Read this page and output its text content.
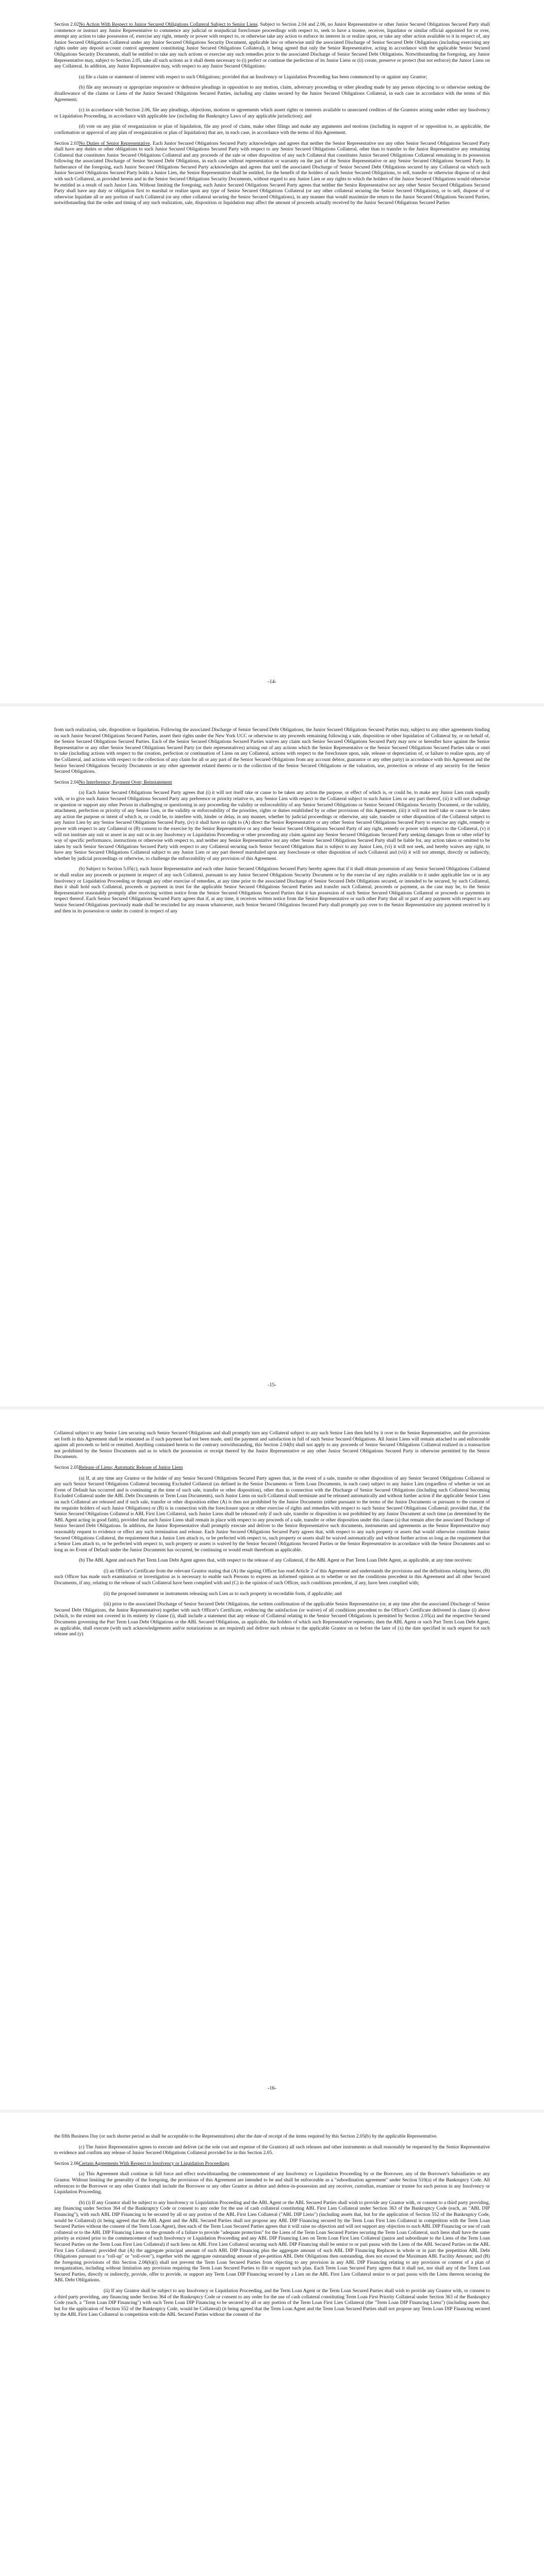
Section 2.02No Action With Respect to Junior Secured Obligations Collateral Subject to Senior Liens. Subject to Section 2.04 and 2.06, no Junior Representative or other Junior Secured Obligations Secured Party shall commence or instruct any Junior Representative to commence any judicial or nonjudicial foreclosure proceedings with respect to, seek to have a trustee, receiver, liquidator or similar official appointed for or over, attempt any action to take possession of, exercise any right, remedy or power with respect to, or otherwise take any action to enforce its interest in or realize upon, or take any other action available to it in respect of, any Junior Secured Obligations Collateral under any Junior Secured Obligations Security Document, applicable law or otherwise until the associated Discharge of Senior Secured Debt Obligations (including exercising any rights under any deposit account control agreement constituting Junior Secured Obligations Collateral), it being agreed that only the Senior Representative, acting in accordance with the applicable Senior Secured Obligations Security Documents, shall be entitled to take any such actions or exercise any such remedies prior to the associated Discharge of Senior Secured Debt Obligations. Notwithstanding the foregoing, any Junior Representative may, subject to Section 2.05, take all such actions as it shall deem necessary to (i) perfect or continue the perfection of its Junior Liens or (ii) create, preserve or protect (but not enforce) the Junior Liens on any Collateral. In addition, any Junior Representative may, with respect to any Junior Secured Obligations:

(a) file a claim or statement of interest with respect to such Obligations; provided that an Insolvency or Liquidation Proceeding has been commenced by or against any Grantor;

(b) file any necessary or appropriate responsive or defensive pleadings in opposition to any motion, claim, adversary proceeding or other pleading made by any person objecting to or otherwise seeking the disallowance of the claims or Liens of the Junior Secured Obligations Secured Parties, including any claims secured by the Junior Secured Obligations Collateral, in each case in accordance with the terms of this Agreement;

(c) in accordance with Section 2.06, file any pleadings, objections, motions or agreements which assert rights or interests available to unsecured creditors of the Grantors arising under either any Insolvency or Liquidation Proceeding, in accordance with applicable law (including the Bankruptcy Laws of any applicable jurisdiction); and

(d) vote on any plan of reorganization or plan of liquidation, file any proof of claim, make other filings and make any arguments and motions (including in support of or opposition to, as applicable, the confirmation or approval of any plan of reorganization or plan of liquidation) that are, in each case, in accordance with the terms of this Agreement.

Section 2.03No Duties of Senior Representative. Each Junior Secured Obligations Secured Party acknowledges and agrees that neither the Senior Representative nor any other Senior Secured Obligations Secured Party shall have any duties or other obligations to such Junior Secured Obligations Secured Party with respect to any Senior Secured Obligations Collateral, other than to transfer to the Junior Representative any remaining Collateral that constitutes Junior Secured Obligations Collateral and any proceeds of the sale or other disposition of any such Collateral that constitutes Junior Secured Obligations Collateral remaining in its possession following the associated Discharge of Senior Secured Debt Obligations, in each case without representation or warranty on the part of the Senior Representative or any Senior Secured Obligations Secured Party. In furtherance of the foregoing, each Junior Secured Obligations Secured Party acknowledges and agrees that until the associated Discharge of Senior Secured Debt Obligations secured by any Collateral on which such Junior Secured Obligations Secured Party holds a Junior Lien, the Senior Representative shall be entitled, for the benefit of the holders of such Senior Secured Obligations, to sell, transfer or otherwise dispose of or deal with such Collateral, as provided herein and in the Senior Secured Obligations Security Documents, without regard to any Junior Lien or any rights to which the holders of the Junior Secured Obligations would otherwise be entitled as a result of such Junior Lien. Without limiting the foregoing, each Junior Secured Obligations Secured Party agrees that neither the Senior Representative nor any other Senior Secured Obligations Secured Party shall have any duty or obligation first to marshal or realize upon any type of Senior Secured Obligations Collateral (or any other collateral securing the Senior Secured Obligations), or to sell, dispose of or otherwise liquidate all or any portion of such Collateral (or any other collateral securing the Senior Secured Obligations), in any manner that would maximize the return to the Junior Secured Obligations Secured Parties, notwithstanding that the order and timing of any such realization, sale, disposition or liquidation may affect the amount of proceeds actually received by the Junior Secured Obligations Secured Parties

-14-

from such realization, sale, disposition or liquidation. Following the associated Discharge of Senior Secured Debt Obligations, the Junior Secured Obligations Secured Parties may, subject to any other agreements binding on such Junior Secured Obligations Secured Parties, assert their rights under the New York UCC or otherwise to any proceeds remaining following a sale, disposition or other liquidation of Collateral by, or on behalf of, the Senior Secured Obligations Secured Parties. Each of the Senior Secured Obligations Secured Parties waives any claim such Senior Secured Obligations Secured Party may now or hereafter have against the Senior Representative or any other Senior Secured Obligations Secured Party (or their representatives) arising out of any actions which the Senior Representative or the Senior Secured Obligations Secured Parties take or omit to take (including actions with respect to the creation, perfection or continuation of Liens on any Collateral, actions with respect to the foreclosure upon, sale, release or depreciation of, or failure to realize upon, any of the Collateral, and actions with respect to the collection of any claim for all or any part of the Senior Secured Obligations from any account debtor, guarantor or any other party) in accordance with this Agreement and the Senior Secured Obligations Security Documents or any other agreement related thereto or to the collection of the Senior Secured Obligations or the valuation, use, protection or release of any security for the Senior Secured Obligations.

Section 2.04No Interference; Payment Over; Reinstatement

(a) Each Junior Secured Obligations Secured Party agrees that (i) it will not itself take or cause to be taken any action the purpose, or effect of which is, or could be, to make any Junior Lien rank equally with, or to give such Junior Secured Obligations Secured Party any preference or priority relative to, any Senior Lien with respect to the Collateral subject to such Junior Lien or any part thereof, (ii) it will not challenge or question or support any other Person in challenging or questioning in any proceeding the validity or enforceability of any Senior Secured Obligations or Senior Secured Obligations Security Document, or the validity, attachment, perfection or priority of any Senior Lien, or the validity or enforceability of the priorities, rights or duties established by or other provisions of this Agreement, (iii) it will not itself take or cause to be taken any action the purpose or intent of which is, or could be, to interfere with, hinder or delay, in any manner, whether by judicial proceedings or otherwise, any sale, transfer or other disposition of the Collateral subject to any Junior Lien by any Senior Secured Obligations Secured Party, (iv) it shall have no right to (A) direct the Senior Representative or any other Senior Secured Obligations Secured Party to exercise any right, remedy or power with respect to any Collateral or (B) consent to the exercise by the Senior Representative or any other Senior Secured Obligations Secured Party of any right, remedy or power with respect to the Collateral, (v) it will not institute any suit or assert in any suit or in any Insolvency or Liquidation Proceeding or other proceeding any claim against any Senior Secured Obligations Secured Party seeking damages from or other relief by way of specific performance, instructions or otherwise with respect to, and neither any Senior Representative nor any other Senior Secured Obligations Secured Party shall be liable for, any action taken or omitted to be taken by such Senior Secured Obligations Secured Party with respect to any Collateral securing such Senior Secured Obligations that is subject to any Junior Lien, (vi) it will not seek, and hereby waives any right, to have any Senior Secured Obligations Collateral subject to any Junior Lien or any part thereof marshaled upon any foreclosure or other disposition of such Collateral and (vii) it will not attempt, directly or indirectly, whether by judicial proceedings or otherwise, to challenge the enforceability of any provision of this Agreement.

(b) Subject to Section 5.05(c), each Junior Representative and each other Junior Secured Obligations Secured Party hereby agrees that if it shall obtain possession of any Senior Secured Obligations Collateral or shall realize any proceeds or payment in respect of any such Collateral, pursuant to any Junior Secured Obligations Security Document or by the exercise of any rights available to it under applicable law or in any Insolvency or Liquidation Proceeding or through any other exercise of remedies, at any time prior to the associated Discharge of Senior Secured Debt Obligations secured, or intended to be secured, by such Collateral, then it shall hold such Collateral, proceeds or payment in trust for the applicable Senior Secured Obligations Secured Parties and transfer such Collateral, proceeds or payment, as the case may be, to the Senior Representative reasonably promptly after receiving written notice from the Senior Secured Obligations Secured Parties that it has possession of such Senior Secured Obligations Collateral or proceeds or payments in respect thereof. Each Senior Secured Obligations Secured Party agrees that if, at any time, it receives written notice from the Senior Representative or such other Party that all or part of any payment with respect to any Senior Secured Obligations previously made shall be rescinded for any reason whatsoever, such Senior Secured Obligations Secured Party shall promptly pay over to the Senior Representative any payment received by it and then in its possession or under its control in respect of any

-15-

Collateral subject to any Senior Lien securing such Senior Secured Obligations and shall promptly turn any Collateral subject to any such Senior Lien then held by it over to the Senior Representative, and the provisions set forth in this Agreement shall be reinstated as if such payment had not been made, until the payment and satisfaction in full of such Senior Secured Obligations. All Junior Liens will remain attached to and enforceable against all proceeds so held or remitted. Anything contained herein to the contrary notwithstanding, this Section 2.04(b) shall not apply to any proceeds of Senior Secured Obligations Collateral realized in a transaction not prohibited by the Senior Documents and as to which the possession or receipt thereof by the Junior Representative or any other Junior Secured Obligations Secured Party is otherwise permitted by the Senior Documents.

Section 2.05Release of Liens; Automatic Release of Junior Liens

(a) If, at any time any Grantor or the holder of any Senior Secured Obligations Secured Party agrees that, in the event of a sale, transfer or other disposition of any Senior Secured Obligations Collateral or any such Senior Secured Obligations Collateral becoming Excluded Collateral (as defined in the Senior Documents or Term Loan Documents, in each case) subject to any Junior Lien (regardless of whether or not an Event of Default has occurred and is continuing at the time of such sale, transfer or other disposition), other than in connection with the Discharge of Senior Secured Obligations (including such Collateral becoming Excluded Collateral under the ABL Debt Documents or Term Loan Documents), such Junior Liens on such Collateral shall terminate and be released automatically and without further action if the applicable Senior Liens on such Collateral are released and if such sale, transfer or other disposition either (A) is then not prohibited by the Junior Documents (either pursuant to the terms of the Junior Documents or pursuant to the consent of the requisite holders of such Junior Obligations) or (B) is in connection with the foreclosure upon or other exercise of rights and remedies with respect to such Senior Secured Obligations Collateral; provided that, if the Senior Secured Obligations Collateral is ABL First Lien Collateral, such Junior Liens shall be released only if such sale, transfer or disposition is not prohibited by any Junior Document at such time (as determined by the ABL Agent acting in good faith), provided that such Junior Liens shall remain in place with respect to any proceeds of a sale, transfer or other disposition under this clause (a) that remain after the associated Discharge of Senior Secured Debt Obligations. In addition, the Junior Representative shall promptly execute and deliver to the Senior Representative such documents, instruments and agreements as the Senior Representative may reasonably request to evidence or effect any such termination and release. Each Junior Secured Obligations Secured Party agrees that, with respect to any such property or assets that would otherwise constitute Junior Secured Obligations Collateral, the requirement that a Junior Lien attach to, or be perfected with respect to, such property or assets shall be waived automatically and without further action so long as the requirement that a Senior Lien attach to, or be perfected with respect to, such property or assets is waived by the Senior Secured Obligations Secured Parties or the Senior Representative in accordance with the Senior Documents and so long as no Event of Default under the Junior Documents has occurred, be continuing or would result therefrom as applicable.

(b) The ABL Agent and each Part Term Loan Debt Agent agrees that, with respect to the release of any Collateral, if the ABL Agent or Part Term Loan Debt Agent, as applicable, at any time receives:

(i) an Officer's Certificate from the relevant Grantor stating that (A) the signing Officer has read Article 2 of this Agreement and understands the provisions and the definitions relating hereto, (B) such Officer has made such examination or investigation as is necessary to enable such Persons to express an informed opinion as to whether or not the conditions precedent in this Agreement and all other Secured Documents, if any, relating to the release of such Collateral have been complied with and (C) in the opinion of such Officer, such conditions precedent, if any, have been complied with;

(ii) the proposed instrument or instruments releasing such Lien as to such property in recordable form, if applicable; and

(iii) prior to the associated Discharge of Senior Secured Debt Obligations, the written confirmation of the applicable Senior Representative (or, at any time after the associated Discharge of Senior Secured Debt Obligations, the Junior Representative) together with such Officer's Certificate, evidencing the satisfaction (or waiver) of all conditions precedent to the Officer's Certificate delivered in clause (i) above (which, to the extent not covered in its entirety by clause (i), shall include a statement that any release of Collateral relating to the Senior Secured Obligations is permitted by Section 2.05(a) and the respective Secured Documents governing the Part Term Loan Debt Obligations or the ABL Secured Obligations, as applicable, the holders of which such Representative represents; then the ABL Agent or such Part Term Loan Debt Agent, as applicable, shall execute (with such acknowledgements and/or notarizations as are required) and deliver such release to the applicable Grantor on or before the later of (x) the date specified in such request for such release and (y)

-16-

the fifth Business Day (or such shorter period as shall be acceptable to the Representatives) after the date of receipt of the items required by this Section 2.05(b) by the applicable Representative.

(c) The Junior Representative agrees to execute and deliver (at the sole cost and expense of the Grantors) all such releases and other instruments as shall reasonably be requested by the Senior Representative to evidence and confirm any release of Junior Secured Obligations Collateral provided for in this Section 2.05.

Section 2.06Certain Agreements With Respect to Insolvency or Liquidation Proceedings

(a) This Agreement shall continue in full force and effect notwithstanding the commencement of any Insolvency or Liquidation Proceeding by or the Borrower, any of the Borrower's Subsidiaries or any Grantor. Without limiting the generality of the foregoing, the provisions of this Agreement are intended to be and shall be enforceable as a "subordination agreement" under Section 510(a) of the Bankruptcy Code. All references to the Borrower or any other Grantor shall include the Borrower or any other Grantor as debtor and debtor-in-possession and any receiver, custodian, examiner or trustee for each person in any Insolvency or Liquidation Proceeding.

(b) (i) If any Grantor shall be subject to any Insolvency or Liquidation Proceeding and the ABL Agent or the ABL Secured Parties shall wish to provide any Grantor with, or consent to a third party providing, any financing under Section 364 of the Bankruptcy Code or consent to any order for the use of cash collateral constituting ABL First Lien Collateral under Section 363 of the Bankruptcy Code (each, an "ABL DIP Financing"), with such ABL DIP Financing to be secured by all or any portion of the ABL First Lien Collateral ("ABL DIP Liens") (including assets that, but for the application of Section 552 of the Bankruptcy Code, would be Collateral) (it being agreed that the ABL Agent and the ABL Secured Parties shall not propose any ABL DIP Financing secured by the Term Loan First Lien Collateral in competition with the Term Loan Secured Parties without the consent of the Term Loan Agent), then each of the Term Loan Secured Parties agrees that it will raise no objection and will not support any objection to such ABL DIP Financing or use of cash collateral or to the ABL DIP Financing Liens on the grounds of a failure to provide "adequate protection" for the Liens of the Term Loan Secured Parties securing the Term Loan Collateral, such liens shall have the same priority as existed prior to the commencement of such Insolvency or Liquidation Proceeding and any ABL DIP Financing Lien on Term Loan First Lien Collateral (junior and subordinate to the Liens of the Term Loan Secured Parties on the Term Loan First Lien Collateral) if such liens on ABL First Lien Collateral securing such ABL DIP Financing shall be senior to or pari passu with the Liens of the ABL Secured Parties on the ABL First Lien Collateral; provided that (A) the aggregate principal amount of such ABL DIP Financing plus the aggregate amount of such ABL DIP Financing Replaces in whole or in part the prepetition ABL Debt Obligations pursuant to a "roll-up" or "roll-over"), together with the aggregate outstanding amount of pre-petition ABL Debt Obligations then outstanding, does not exceed the Maximum ABL Facility Amount; and (B) the foregoing provisions of this Section 2.06(b)(i) shall not prevent the Term Loan Secured Parties from objecting to any provision in any ABL DIP Financing relating to any provision or content of a plan of reorganization, including without limitation any provision requiring the Term Loan Secured Parties to file or support such plan. Each Term Loan Secured Party agrees that it shall not, nor shall any of the Term Loan Secured Parties, directly or indirectly, provide, offer to provide, or support any Term Loan DIP Financing secured by a Lien on the ABL First Lien Collateral senior to or pari passu with the Liens thereon securing the ABL Debt Obligations.

(ii) If any Grantor shall be subject to any Insolvency or Liquidation Proceeding, and the Term Loan Agent or the Term Loan Secured Parties shall wish to provide any Grantor with, or consent to a third party providing, any financing under Section 364 of the Bankruptcy Code or consent to any order for the use of cash collateral constituting Term Loan First Priority Collateral under Section 363 of the Bankruptcy Code (each, a "Term Loan DIP Financing") with such Term Loan DIP Financing to be secured by all or any portion of the Term Loan First Lien Collateral (the "Term Loan DIP Financing Liens") (including assets that, but for the application of Section 552 of the Bankruptcy Code, would be Collateral) (it being agreed that the Term Loan Agent and the Term Loan Secured Parties shall not propose any Term Loan DIP Financing secured by the ABL First Lien Collateral in competition with the ABL Secured Parties without the consent of the
